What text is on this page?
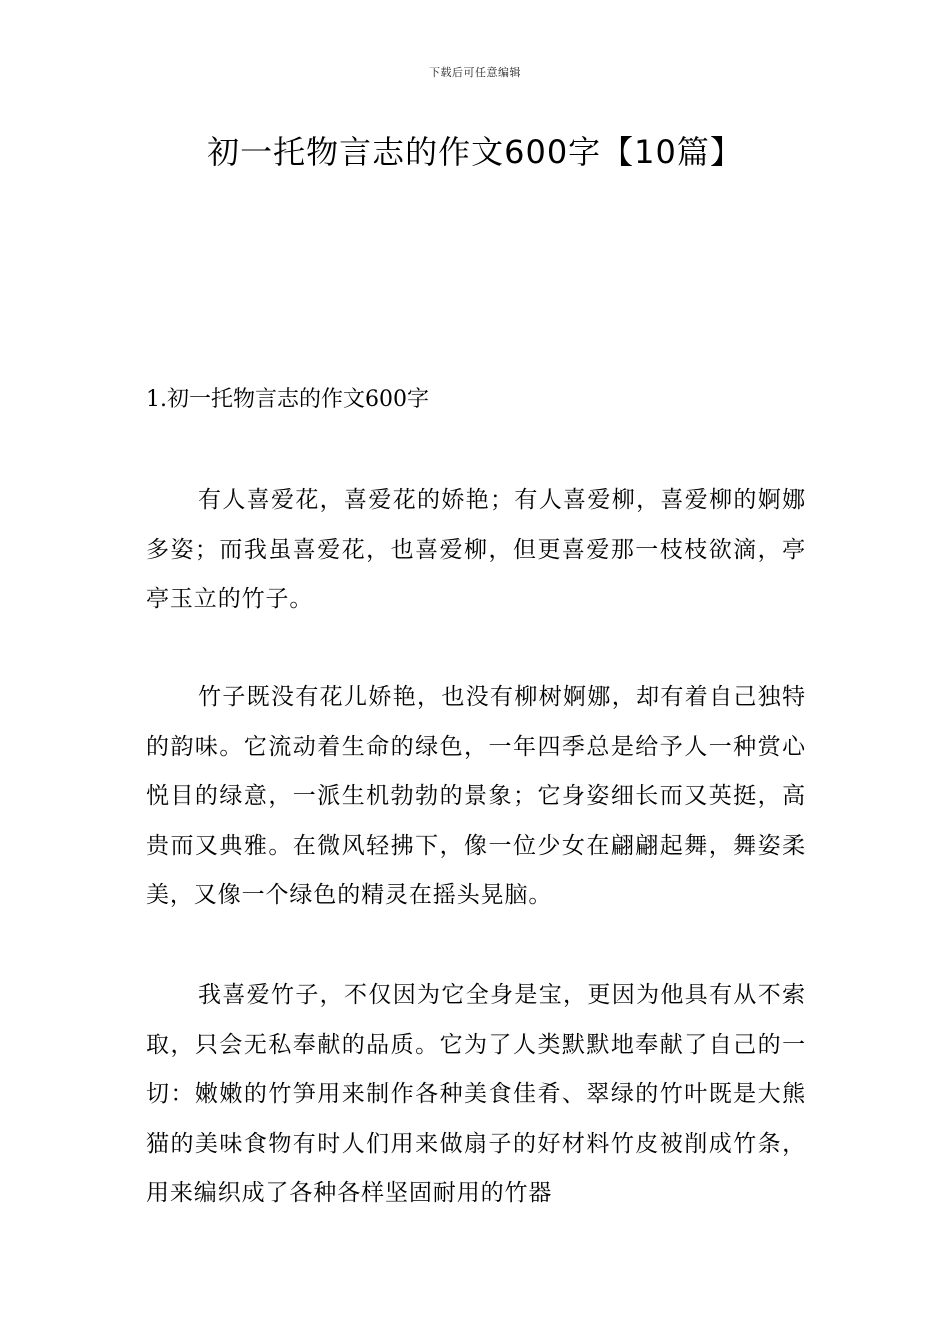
下载后可任意编辑
初一托物言志的作文600字【10篇】
1.初一托物言志的作文600字

有人喜爱花，喜爱花的娇艳；有人喜爱柳，喜爱柳的婀娜多姿；而我虽喜爱花，也喜爱柳，但更喜爱那一枝枝欲滴，亭亭玉立的竹子。

竹子既没有花儿娇艳，也没有柳树婀娜，却有着自己独特的韵味。它流动着生命的绿色，一年四季总是给予人一种赏心悦目的绿意，一派生机勃勃的景象；它身姿细长而又英挺，高贵而又典雅。在微风轻拂下，像一位少女在翩翩起舞，舞姿柔美，又像一个绿色的精灵在摇头晃脑。

我喜爱竹子，不仅因为它全身是宝，更因为他具有从不索取，只会无私奉献的品质。它为了人类默默地奉献了自己的一切：嫩嫩的竹笋用来制作各种美食佳肴、翠绿的竹叶既是大熊猫的美味食物有时人们用来做扇子的好材料竹皮被削成竹条，用来编织成了各种各样坚固耐用的竹器
